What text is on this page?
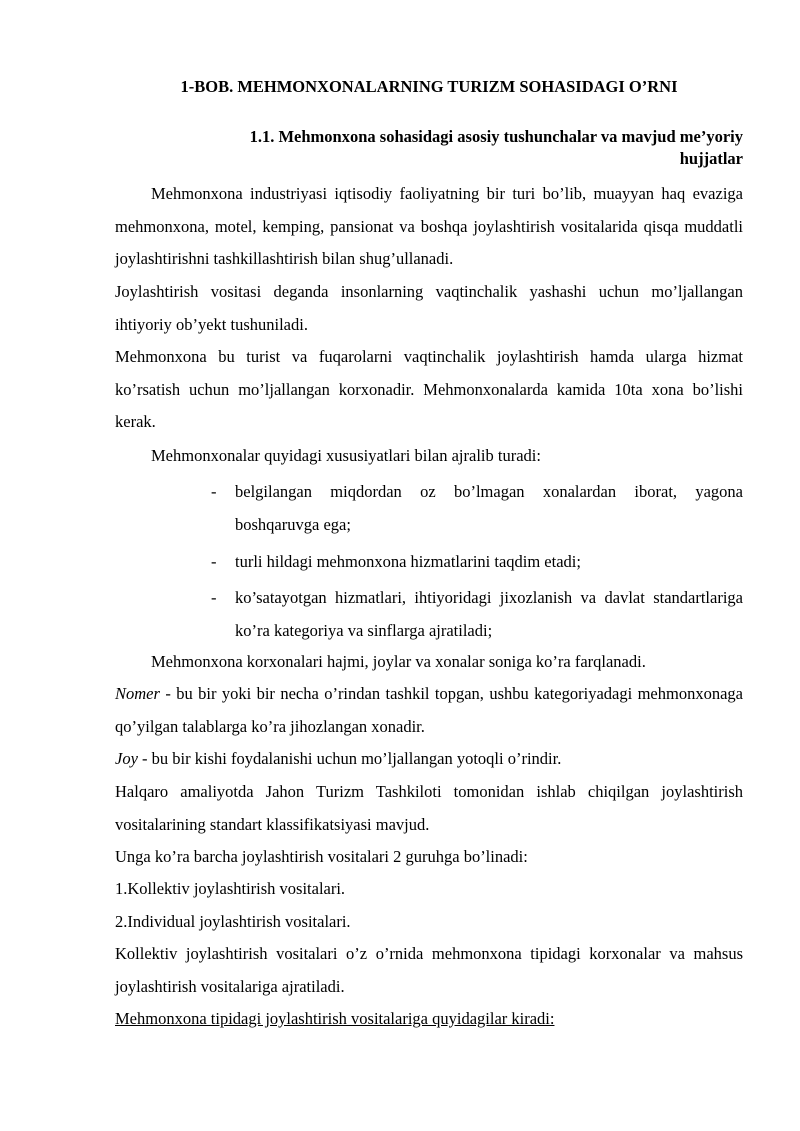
1-BOB. MEHMONXONALARNING TURIZM SOHASIDAGI O’RNI
1.1. Mehmonxona sohasidagi asosiy tushunchalar va mavjud me’yoriy
hujjatlar

Mehmonxona industriyasi iqtisodiy faoliyatning bir turi bo’lib, muayyan haq evaziga mehmonxona, motel, kemping, pansionat va boshqa joylashtirish vositalarida qisqa muddatli joylashtirishni tashkillashtirish bilan shug’ullanadi.

Joylashtirish vositasi deganda insonlarning vaqtinchalik yashashi uchun mo’ljallangan ihtiyoriy ob’yekt tushuniladi.

Mehmonxona bu turist va fuqarolarni vaqtinchalik joylashtirish hamda ularga hizmat ko’rsatish uchun mo’ljallangan korxonadir. Mehmonxonalarda kamida 10ta xona bo’lishi kerak.

Mehmonxonalar quyidagi xususiyatlari bilan ajralib turadi:

- belgilangan miqdordan oz bo’lmagan xonalardan iborat, yagona boshqaruvga ega;
- turli hildagi mehmonxona hizmatlarini taqdim etadi;
- ko’satayotgan hizmatlari, ihtiyoridagi jixozlanish va davlat standartlariga ko’ra kategoriya va sinflarga ajratiladi;

Mehmonxona korxonalari hajmi, joylar va xonalar soniga ko’ra farqlanadi.

Nomer - bu bir yoki bir necha o’rindan tashkil topgan, ushbu kategoriyadagi mehmonxonaga qo’yilgan talablarga ko’ra jihozlangan xonadir.

Joy - bu bir kishi foydalanishi uchun mo’ljallangan yotoqli o’rindir.

Halqaro amaliyotda Jahon Turizm Tashkiloti tomonidan ishlab chiqilgan joylashtirish vositalarining standart klassifikatsiyasi mavjud.

Unga ko’ra barcha joylashtirish vositalari 2 guruhga bo’linadi:

1.Kollektiv joylashtirish vositalari.

2.Individual joylashtirish vositalari.

Kollektiv joylashtirish vositalari o’z o’rnida mehmonxona tipidagi korxonalar va mahsus joylashtirish vositalariga ajratiladi.

Mehmonxona tipidagi joylashtirish vositalariga quyidagilar kiradi:
